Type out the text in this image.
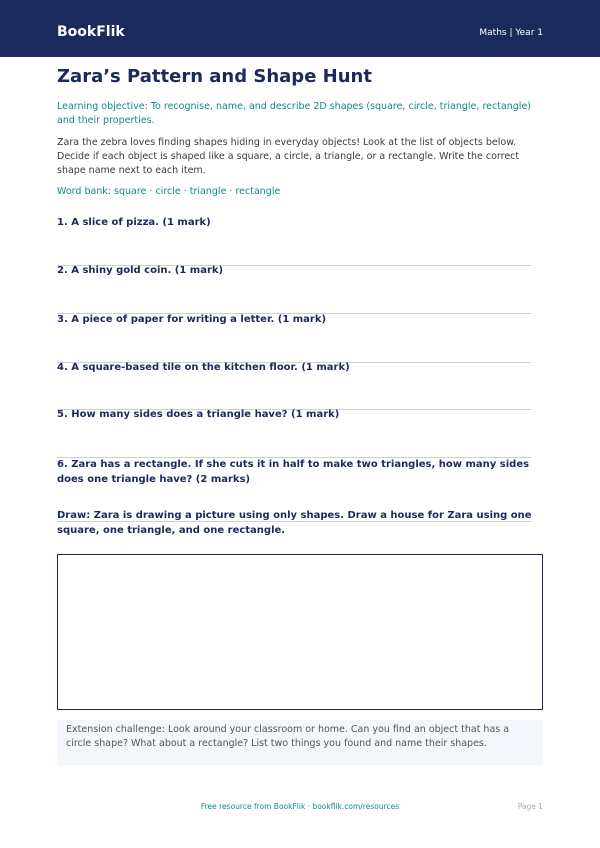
BookFlik	Maths | Year 1
Zara’s Pattern and Shape Hunt
Learning objective: To recognise, name, and describe 2D shapes (square, circle, triangle, rectangle) and their properties.
Zara the zebra loves finding shapes hiding in everyday objects! Look at the list of objects below. Decide if each object is shaped like a square, a circle, a triangle, or a rectangle. Write the correct shape name next to each item.
Word bank: square · circle · triangle · rectangle
1. A slice of pizza. (1 mark)
2. A shiny gold coin. (1 mark)
3. A piece of paper for writing a letter. (1 mark)
4. A square-based tile on the kitchen floor. (1 mark)
5. How many sides does a triangle have? (1 mark)
6. Zara has a rectangle. If she cuts it in half to make two triangles, how many sides does one triangle have? (2 marks)
Draw: Zara is drawing a picture using only shapes. Draw a house for Zara using one square, one triangle, and one rectangle.
Extension challenge: Look around your classroom or home. Can you find an object that has a circle shape? What about a rectangle? List two things you found and name their shapes.
Free resource from BookFlik · bookflik.com/resources	Page 1
